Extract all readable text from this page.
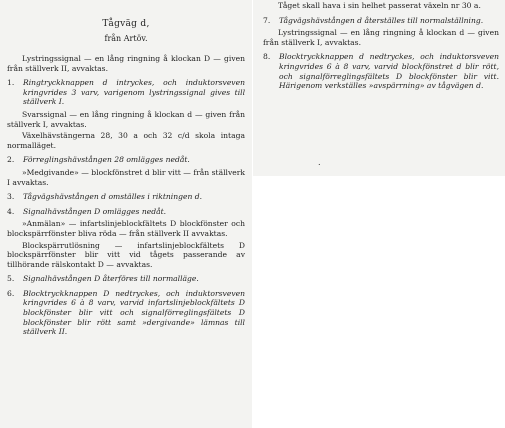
Tågväg d,
från Artöv.
Lystringssignal — en lång ringning å klockan D — given från ställverk II, avvaktas.
1. Ringtryckknappen d intryckes, och induktorsveven kringvrides 3 varv, varigenom lystringssignal gives till ställverk I.
Svarssignal — en lång ringning å klockan d — given från ställverk I, avvaktas.
Växelhävstängerna 28, 30 a och 32 c/d skola intaga normalläget.
2. Förreglingshävstången 28 omlägges nedåt.
»Medgivande» — blockfönstret d blir vitt — från ställverk I avvaktas.
3. Tågvägshävstången d omställes i riktningen d.
4. Signalhävstången D omlägges nedåt.
»Anmälan» — infartslinjeblockfältets D blockfönster och blockspärrfönster bliva röda — från ställverk II avvaktas.
Blockspärrutlösning — infartslinjeblockfältets D blockspärrfönster blir vitt vid tågets passerande av tillhörande rälskontakt D — avvaktas.
5. Signalhävstången D återföres till normalläge.
6. Blocktryckknappen D nedtryckes, och induktorsveven kringvrides 6 à 8 varv, varvid infartslinjeblockfältets D blockfönster blir vitt och signalförreglingsfältets D blockfönster blir rött samt »dergivande» lämnas till ställverk II.
Tåget skall hava i sin helhet passerat växeln nr 30 a.
7. Tågvägshävstången d återställes till normalställning.
Lystringssignal — en lång ringning å klockan d — given från ställverk I, avvaktas.
8. Blocktryckknappen d nedtryckes, och induktorsveven kringvrides 6 à 8 varv, varvid blockfönstret d blir rött, och signalförreglingsfältets D blockfönster blir vitt. Härigenom verkställes »avspärrning» av tågvägen d.
.
